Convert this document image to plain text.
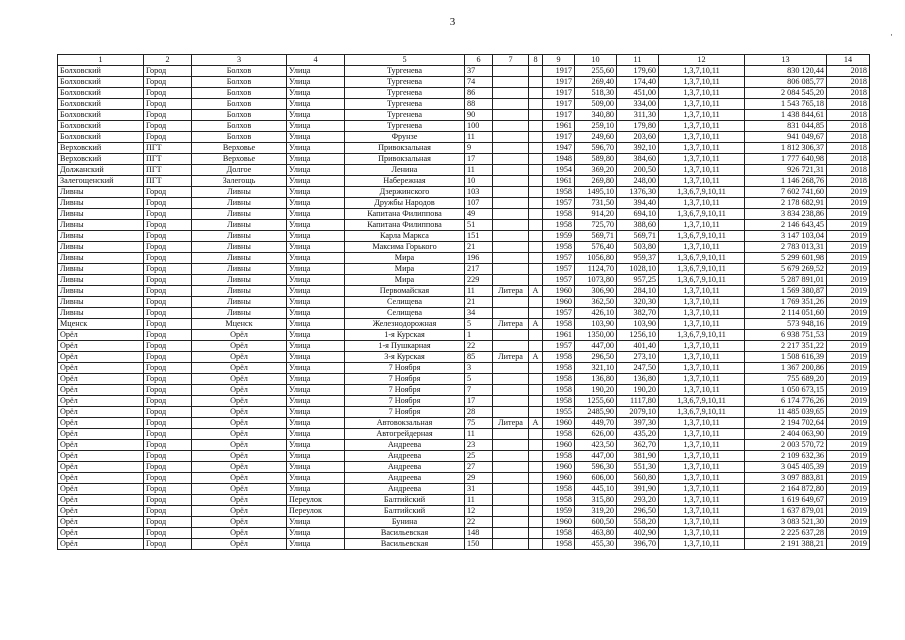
3
·
1	2	3	4	5	6	7	8	9	10	11	12	13	14
Болховский	Город	Болхов	Улица	Тургенева	37			1917	255,60	179,60	1,3,7,10,11	830 120,44	2018
Болховский	Город	Болхов	Улица	Тургенева	74			1917	269,40	174,40	1,3,7,10,11	806 085,77	2018
Болховский	Город	Болхов	Улица	Тургенева	86			1917	518,30	451,00	1,3,7,10,11	2 084 545,20	2018
Болховский	Город	Болхов	Улица	Тургенева	88			1917	509,00	334,00	1,3,7,10,11	1 543 765,18	2018
Болховский	Город	Болхов	Улица	Тургенева	90			1917	340,80	311,30	1,3,7,10,11	1 438 844,61	2018
Болховский	Город	Болхов	Улица	Тургенева	100			1961	259,10	179,80	1,3,7,10,11	831 044,85	2018
Болховский	Город	Болхов	Улица	Фрунзе	11			1917	249,60	203,60	1,3,7,10,11	941 049,67	2018
Верховский	ПГТ	Верховье	Улица	Привокзальная	9			1947	596,70	392,10	1,3,7,10,11	1 812 306,37	2018
Верховский	ПГТ	Верховье	Улица	Привокзальная	17			1948	589,80	384,60	1,3,7,10,11	1 777 640,98	2018
Должанский	ПГТ	Долгое	Улица	Ленина	11			1954	369,20	200,50	1,3,7,10,11	926 721,31	2018
Залегощенский	ПГТ	Залегощь	Улица	Набережная	10			1961	269,80	248,00	1,3,7,10,11	1 146 268,76	2018
Ливны	Город	Ливны	Улица	Дзержинского	103			1958	1495,10	1376,30	1,3,6,7,9,10,11	7 602 741,60	2019
Ливны	Город	Ливны	Улица	Дружбы Народов	107			1957	731,50	394,40	1,3,7,10,11	2 178 682,91	2019
Ливны	Город	Ливны	Улица	Капитана Филиппова	49			1958	914,20	694,10	1,3,6,7,9,10,11	3 834 238,86	2019
Ливны	Город	Ливны	Улица	Капитана Филиппова	51			1958	725,70	388,60	1,3,7,10,11	2 146 643,45	2019
Ливны	Город	Ливны	Улица	Карла Маркса	151			1959	569,71	569,71	1,3,6,7,9,10,11	3 147 103,04	2019
Ливны	Город	Ливны	Улица	Максима Горького	21			1958	576,40	503,80	1,3,7,10,11	2 783 013,31	2019
Ливны	Город	Ливны	Улица	Мира	196			1957	1056,80	959,37	1,3,6,7,9,10,11	5 299 601,98	2019
Ливны	Город	Ливны	Улица	Мира	217			1957	1124,70	1028,10	1,3,6,7,9,10,11	5 679 269,52	2019
Ливны	Город	Ливны	Улица	Мира	229			1957	1073,80	957,25	1,3,6,7,9,10,11	5 287 891,01	2019
Ливны	Город	Ливны	Улица	Первомайская	11	Литера	А	1960	306,90	284,10	1,3,7,10,11	1 569 380,87	2019
Ливны	Город	Ливны	Улица	Селищева	21			1960	362,50	320,30	1,3,7,10,11	1 769 351,26	2019
Ливны	Город	Ливны	Улица	Селищева	34			1957	426,10	382,70	1,3,7,10,11	2 114 051,60	2019
Мценск	Город	Мценск	Улица	Железнодорожная	5	Литера	А	1958	103,90	103,90	1,3,7,10,11	573 948,16	2019
Орёл	Город	Орёл	Улица	1-я Курская	1			1961	1350,00	1256,10	1,3,6,7,9,10,11	6 938 751,53	2019
Орёл	Город	Орёл	Улица	1-я Пушкарная	22			1957	447,00	401,40	1,3,7,10,11	2 217 351,22	2019
Орёл	Город	Орёл	Улица	3-я Курская	85	Литера	А	1958	296,50	273,10	1,3,7,10,11	1 508 616,39	2019
Орёл	Город	Орёл	Улица	7 Ноября	3			1958	321,10	247,50	1,3,7,10,11	1 367 200,86	2019
Орёл	Город	Орёл	Улица	7 Ноября	5			1958	136,80	136,80	1,3,7,10,11	755 689,20	2019
Орёл	Город	Орёл	Улица	7 Ноября	7			1958	190,20	190,20	1,3,7,10,11	1 050 673,15	2019
Орёл	Город	Орёл	Улица	7 Ноября	17			1958	1255,60	1117,80	1,3,6,7,9,10,11	6 174 776,26	2019
Орёл	Город	Орёл	Улица	7 Ноября	28			1955	2485,90	2079,10	1,3,6,7,9,10,11	11 485 039,65	2019
Орёл	Город	Орёл	Улица	Автовокзальная	75	Литера	А	1960	449,70	397,30	1,3,7,10,11	2 194 702,64	2019
Орёл	Город	Орёл	Улица	Автогрейдерная	11			1958	626,00	435,20	1,3,7,10,11	2 404 063,90	2019
Орёл	Город	Орёл	Улица	Андреева	23			1960	423,50	362,70	1,3,7,10,11	2 003 570,72	2019
Орёл	Город	Орёл	Улица	Андреева	25			1958	447,00	381,90	1,3,7,10,11	2 109 632,36	2019
Орёл	Город	Орёл	Улица	Андреева	27			1960	596,30	551,30	1,3,7,10,11	3 045 405,39	2019
Орёл	Город	Орёл	Улица	Андреева	29			1960	606,00	560,80	1,3,7,10,11	3 097 883,81	2019
Орёл	Город	Орёл	Улица	Андреева	31			1958	445,10	391,90	1,3,7,10,11	2 164 872,80	2019
Орёл	Город	Орёл	Переулок	Балтийский	11			1958	315,80	293,20	1,3,7,10,11	1 619 649,67	2019
Орёл	Город	Орёл	Переулок	Балтийский	12			1959	319,20	296,50	1,3,7,10,11	1 637 879,01	2019
Орёл	Город	Орёл	Улица	Бунина	22			1960	600,50	558,20	1,3,7,10,11	3 083 521,30	2019
Орёл	Город	Орёл	Улица	Васильевская	148			1958	463,80	402,90	1,3,7,10,11	2 225 637,28	2019
Орёл	Город	Орёл	Улица	Васильевская	150			1958	455,30	396,70	1,3,7,10,11	2 191 388,21	2019
